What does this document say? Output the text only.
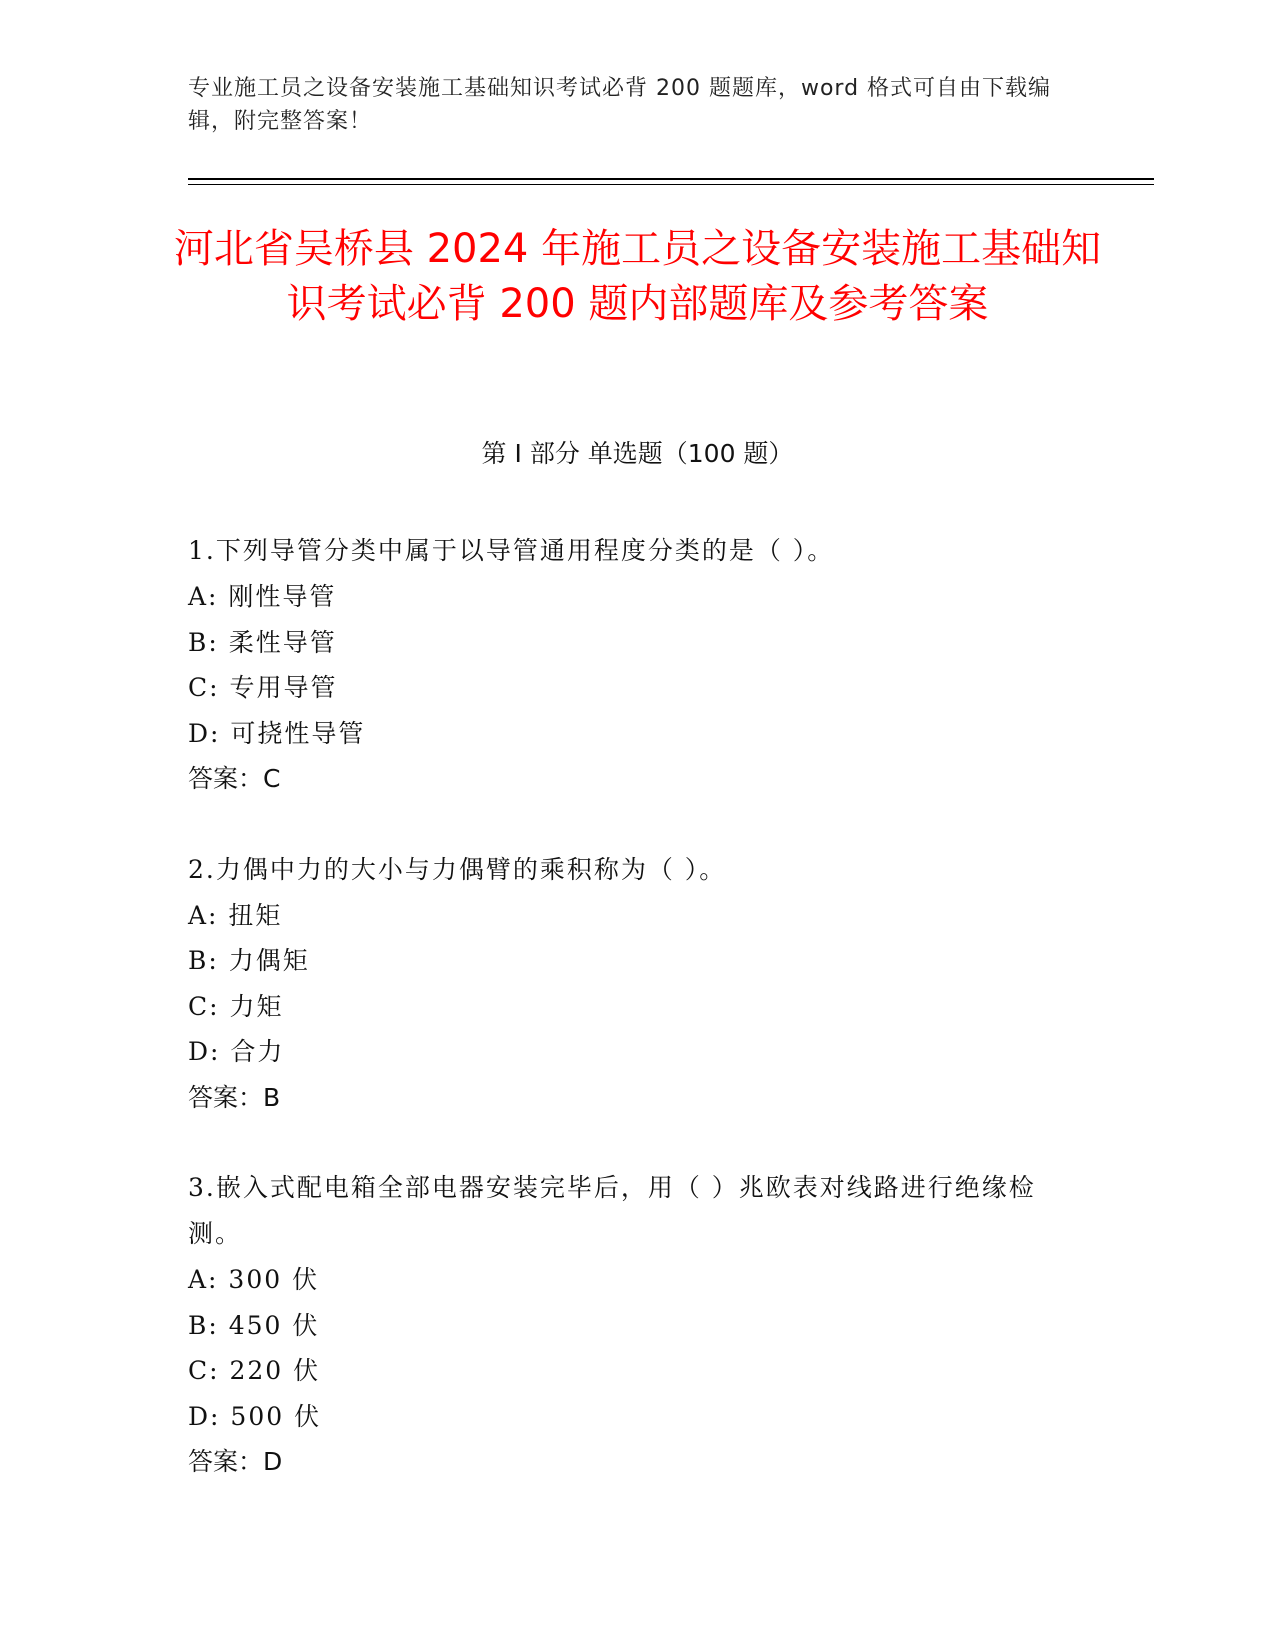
专业施工员之设备安装施工基础知识考试必背 200 题题库，word 格式可自由下载编辑，附完整答案！
河北省吴桥县 2024 年施工员之设备安装施工基础知识考试必背 200 题内部题库及参考答案
第 I 部分 单选题（100 题）
1.下列导管分类中属于以导管通用程度分类的是（ ）。
A: 刚性导管
B: 柔性导管
C: 专用导管
D: 可挠性导管
答案：C
2.力偶中力的大小与力偶臂的乘积称为（ ）。
A: 扭矩
B: 力偶矩
C: 力矩
D: 合力
答案：B
3.嵌入式配电箱全部电器安装完毕后，用（ ）兆欧表对线路进行绝缘检测。
A: 300 伏
B: 450 伏
C: 220 伏
D: 500 伏
答案：D
